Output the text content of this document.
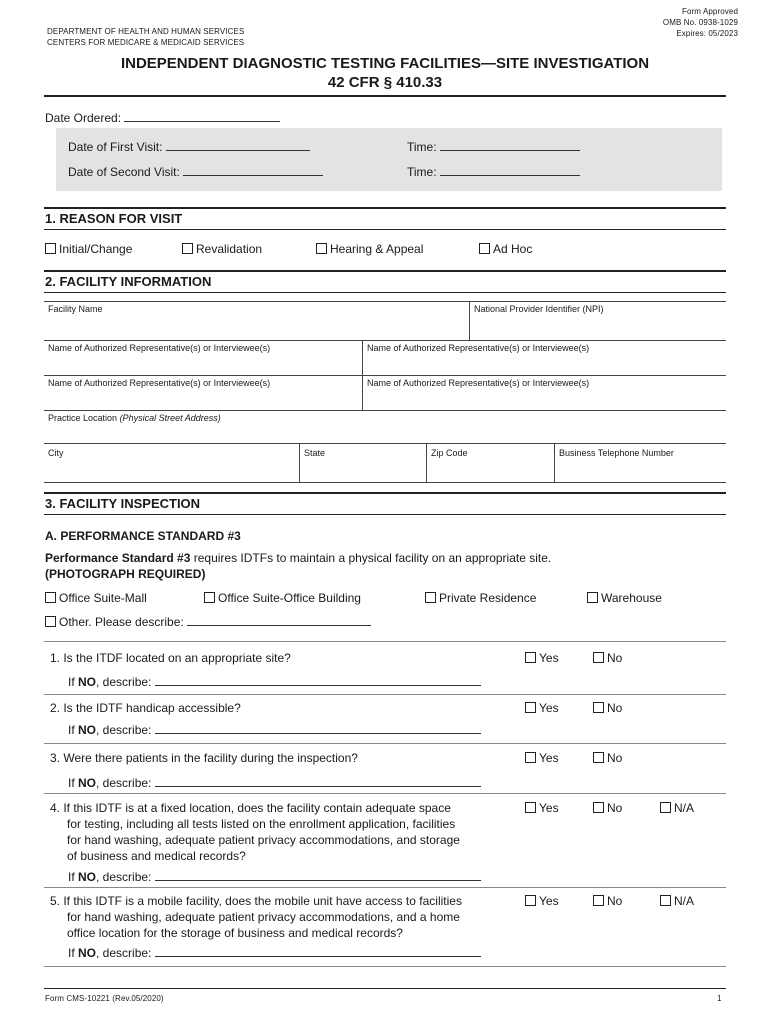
DEPARTMENT OF HEALTH AND HUMAN SERVICES
CENTERS FOR MEDICARE & MEDICAID SERVICES
Form Approved
OMB No. 0938-1029
Expires: 05/2023
INDEPENDENT DIAGNOSTIC TESTING FACILITIES—SITE INVESTIGATION
42 CFR § 410.33
Date Ordered:
Date of First Visit:	Time:
Date of Second Visit:	Time:
1. REASON FOR VISIT
Initial/Change	Revalidation	Hearing & Appeal	Ad Hoc
2. FACILITY INFORMATION
Facility Name	National Provider Identifier (NPI)
Name of Authorized Representative(s) or Interviewee(s)	Name of Authorized Representative(s) or Interviewee(s)
Name of Authorized Representative(s) or Interviewee(s)	Name of Authorized Representative(s) or Interviewee(s)
Practice Location (Physical Street Address)
City	State	Zip Code	Business Telephone Number
3. FACILITY INSPECTION
A. PERFORMANCE STANDARD #3
Performance Standard #3 requires IDTFs to maintain a physical facility on an appropriate site.
(PHOTOGRAPH REQUIRED)
Office Suite-Mall	Office Suite-Office Building	Private Residence	Warehouse
Other. Please describe:
1. Is the ITDF located on an appropriate site?	Yes	No
If NO, describe:
2. Is the IDTF handicap accessible?	Yes	No
If NO, describe:
3. Were there patients in the facility during the inspection?	Yes	No
If NO, describe:
4. If this IDTF is at a fixed location, does the facility contain adequate space
for testing, including all tests listed on the enrollment application, facilities
for hand washing, adequate patient privacy accommodations, and storage
of business and medical records?
Yes	No	N/A
If NO, describe:
5. If this IDTF is a mobile facility, does the mobile unit have access to facilities
for hand washing, adequate patient privacy accommodations, and a home
office location for the storage of business and medical records?
Yes	No	N/A
If NO, describe:
Form CMS-10221 (Rev.05/2020)	1
